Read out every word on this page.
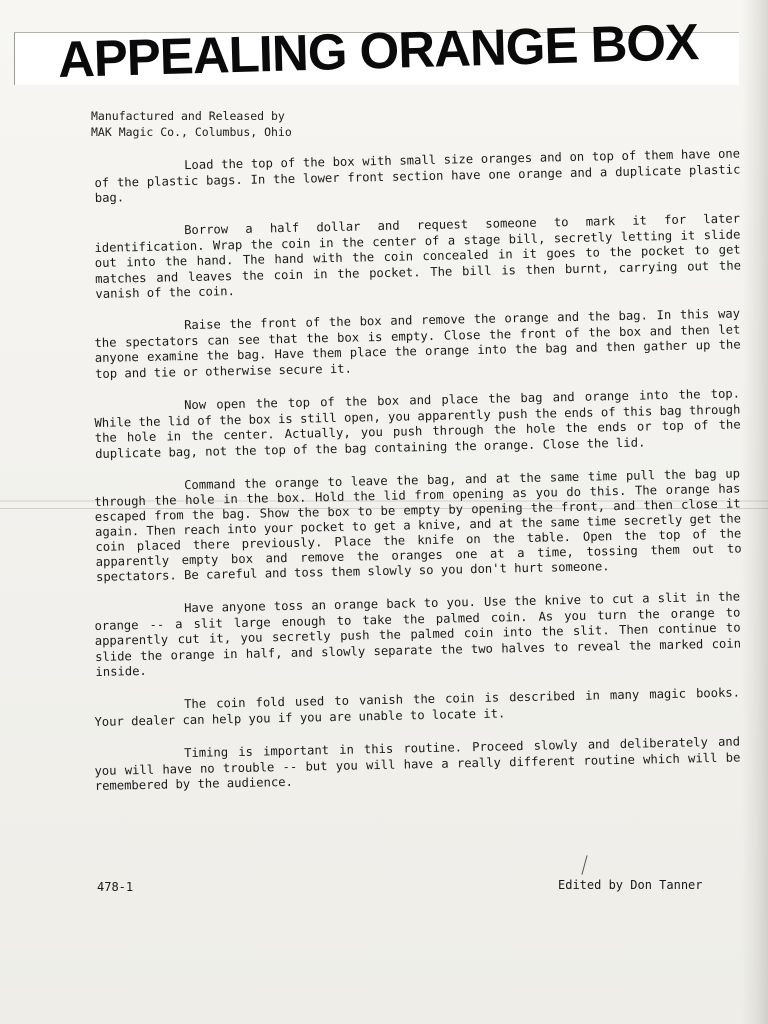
APPEALING ORANGE BOX
Manufactured and Released by
MAK Magic Co., Columbus, Ohio

Load the top of the box with small size oranges and on top of them have one of the plastic bags. In the lower front section have one orange and a duplicate plastic bag.

Borrow a half dollar and request someone to mark it for later identification. Wrap the coin in the center of a stage bill, secretly letting it slide out into the hand. The hand with the coin concealed in it goes to the pocket to get matches and leaves the coin in the pocket. The bill is then burnt, carrying out the vanish of the coin.

Raise the front of the box and remove the orange and the bag. In this way the spectators can see that the box is empty. Close the front of the box and then let anyone examine the bag. Have them place the orange into the bag and then gather up the top and tie or otherwise secure it.

Now open the top of the box and place the bag and orange into the top. While the lid of the box is still open, you apparently push the ends of this bag through the hole in the center. Actually, you push through the hole the ends or top of the duplicate bag, not the top of the bag containing the orange. Close the lid.

Command the orange to leave the bag, and at the same time pull the bag up through the hole in the box. Hold the lid from opening as you do this. The orange has escaped from the bag. Show the box to be empty by opening the front, and then close it again. Then reach into your pocket to get a knive, and at the same time secretly get the coin placed there previously. Place the knife on the table. Open the top of the apparently empty box and remove the oranges one at a time, tossing them out to spectators. Be careful and toss them slowly so you don't hurt someone.

Have anyone toss an orange back to you. Use the knive to cut a slit in the orange -- a slit large enough to take the palmed coin. As you turn the orange to apparently cut it, you secretly push the palmed coin into the slit. Then continue to slide the orange in half, and slowly separate the two halves to reveal the marked coin inside.

The coin fold used to vanish the coin is described in many magic books. Your dealer can help you if you are unable to locate it.

Timing is important in this routine. Proceed slowly and deliberately and you will have no trouble -- but you will have a really different routine which will be remembered by the audience.

478-1	Edited by Don Tanner
